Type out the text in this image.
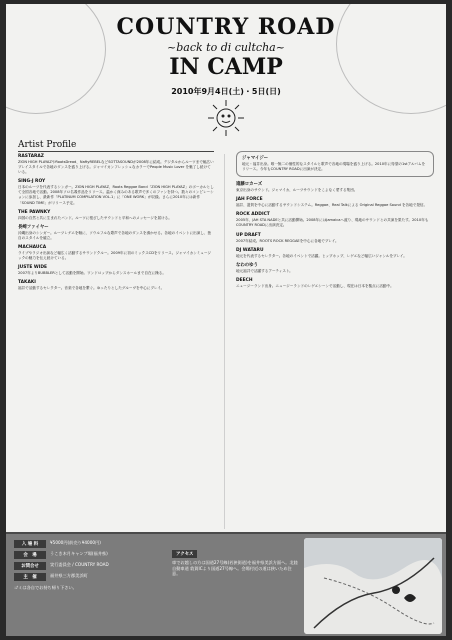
COUNTRY ROAD
~back to di cultcha~
IN CAMP
2010年9月4日(土)・5日(日)
Artist Profile
RASTARAZ
ZION HIGH PLAYAZやRootsDread、NaftyREBELなどSOTTASOUNDが2008年に結成。デジタルからルーツまで幅広いプレイスタイルで各地のダンスを盛り上げる。ジャマイカンフレッシュなカラーでPeople Music Lover を魅了し続けている。
SING-J ROY
日本のルーツを代表するシンガー。ZION HIGH PLAYAZ、Roots Reggae Band「ZION HIGH PLAYAZ」のボーカルとして全国各地で活動。2008年ソロ名義作品をリリース。温かく深みのある歌声で多くのファンを持つ。数々のコンピレーションに参加し、最新作「PLATINUM COMPILATION VOL.1」に「ONE WORK」が収録。さらに2010年には新作「SOUND TIME」がリリース予定。
THE PAWNKY
四国の自然と共に生まれたバンド。ルーツに根ざしたサウンドと平和へのメッセージを届ける。
長崎ファイヤー
沖縄出身のシンガー。ルーツレゲエを軸に、ソウルフルな歌声で各地のダンスを沸かせる。各地のイベントに出演し、独自のスタイルを確立。
MACHAUCA
ライブやラジオ出演など幅広く活動するサウンドクルー。2009年に初のミックスCDをリリース。ジャマイカンミュージックの魅力を伝え続けている。
JUSTE WIDE
2007年よりBUBBLERとして活動を開始。ワンドロップからダンスホールまで自在に操る。
TAKAKI
福井で活動するセレクター。音楽で各地を繋ぐ。ゆったりとしたグルーヴを中心にプレイ。
ジャマイジー
地元・福井出身。唯一無二の個性的なスタイルと歌声で各地の現場を盛り上げる。2010年に待望の1stアルバムをリリース。今年もCOUNTRY ROADに出演が決定。
遠藤ロカーズ
東京出身のサウンド。ジャマイカ、ルーツサウンドをこよなく愛する集団。
JAH FORCE
福井、滋賀を中心に活動するサウンドシステム。Reggae、Real Talkによる Original Reggae Sound を各地で発信。
ROCK ADDICT
2005年、JAH STA NADEと共に活動開始。2008年にはJamaicaへ渡り、現地のサウンドとの共演を果たす。2010年もCOUNTRY ROADに出演決定。
UP DRAFT
2007年結成。ROOTS ROCK REGGAEを中心に各地でプレイ。
DJ WATARU
地元を代表するセレクター。各地のイベントで活躍。ヒップホップ、レゲエなど幅広いジャンルをプレイ。
なわのゆう
地元福井で活躍するアーティスト。
DEECH
ニュージーランド出身。ニュージーランドのレゲエシーンで活動し、現在は日本を拠点に活動中。
入 場 料	¥5000円(前売り¥4000円)
会　場	うこき木月キャンプ場(福井県)
お問合せ	実行委員会 / COUNTRY ROAD
主　催	福井県三方郡美浜町
ゴミは各自でお持ち帰り下さい。
アクセス
車でお越しの方は国道27号線(若狭街道)を福井県美浜方面へ。北陸自動車道 敦賀ICより国道27号線へ。会場付近の道は狭いため注意。
